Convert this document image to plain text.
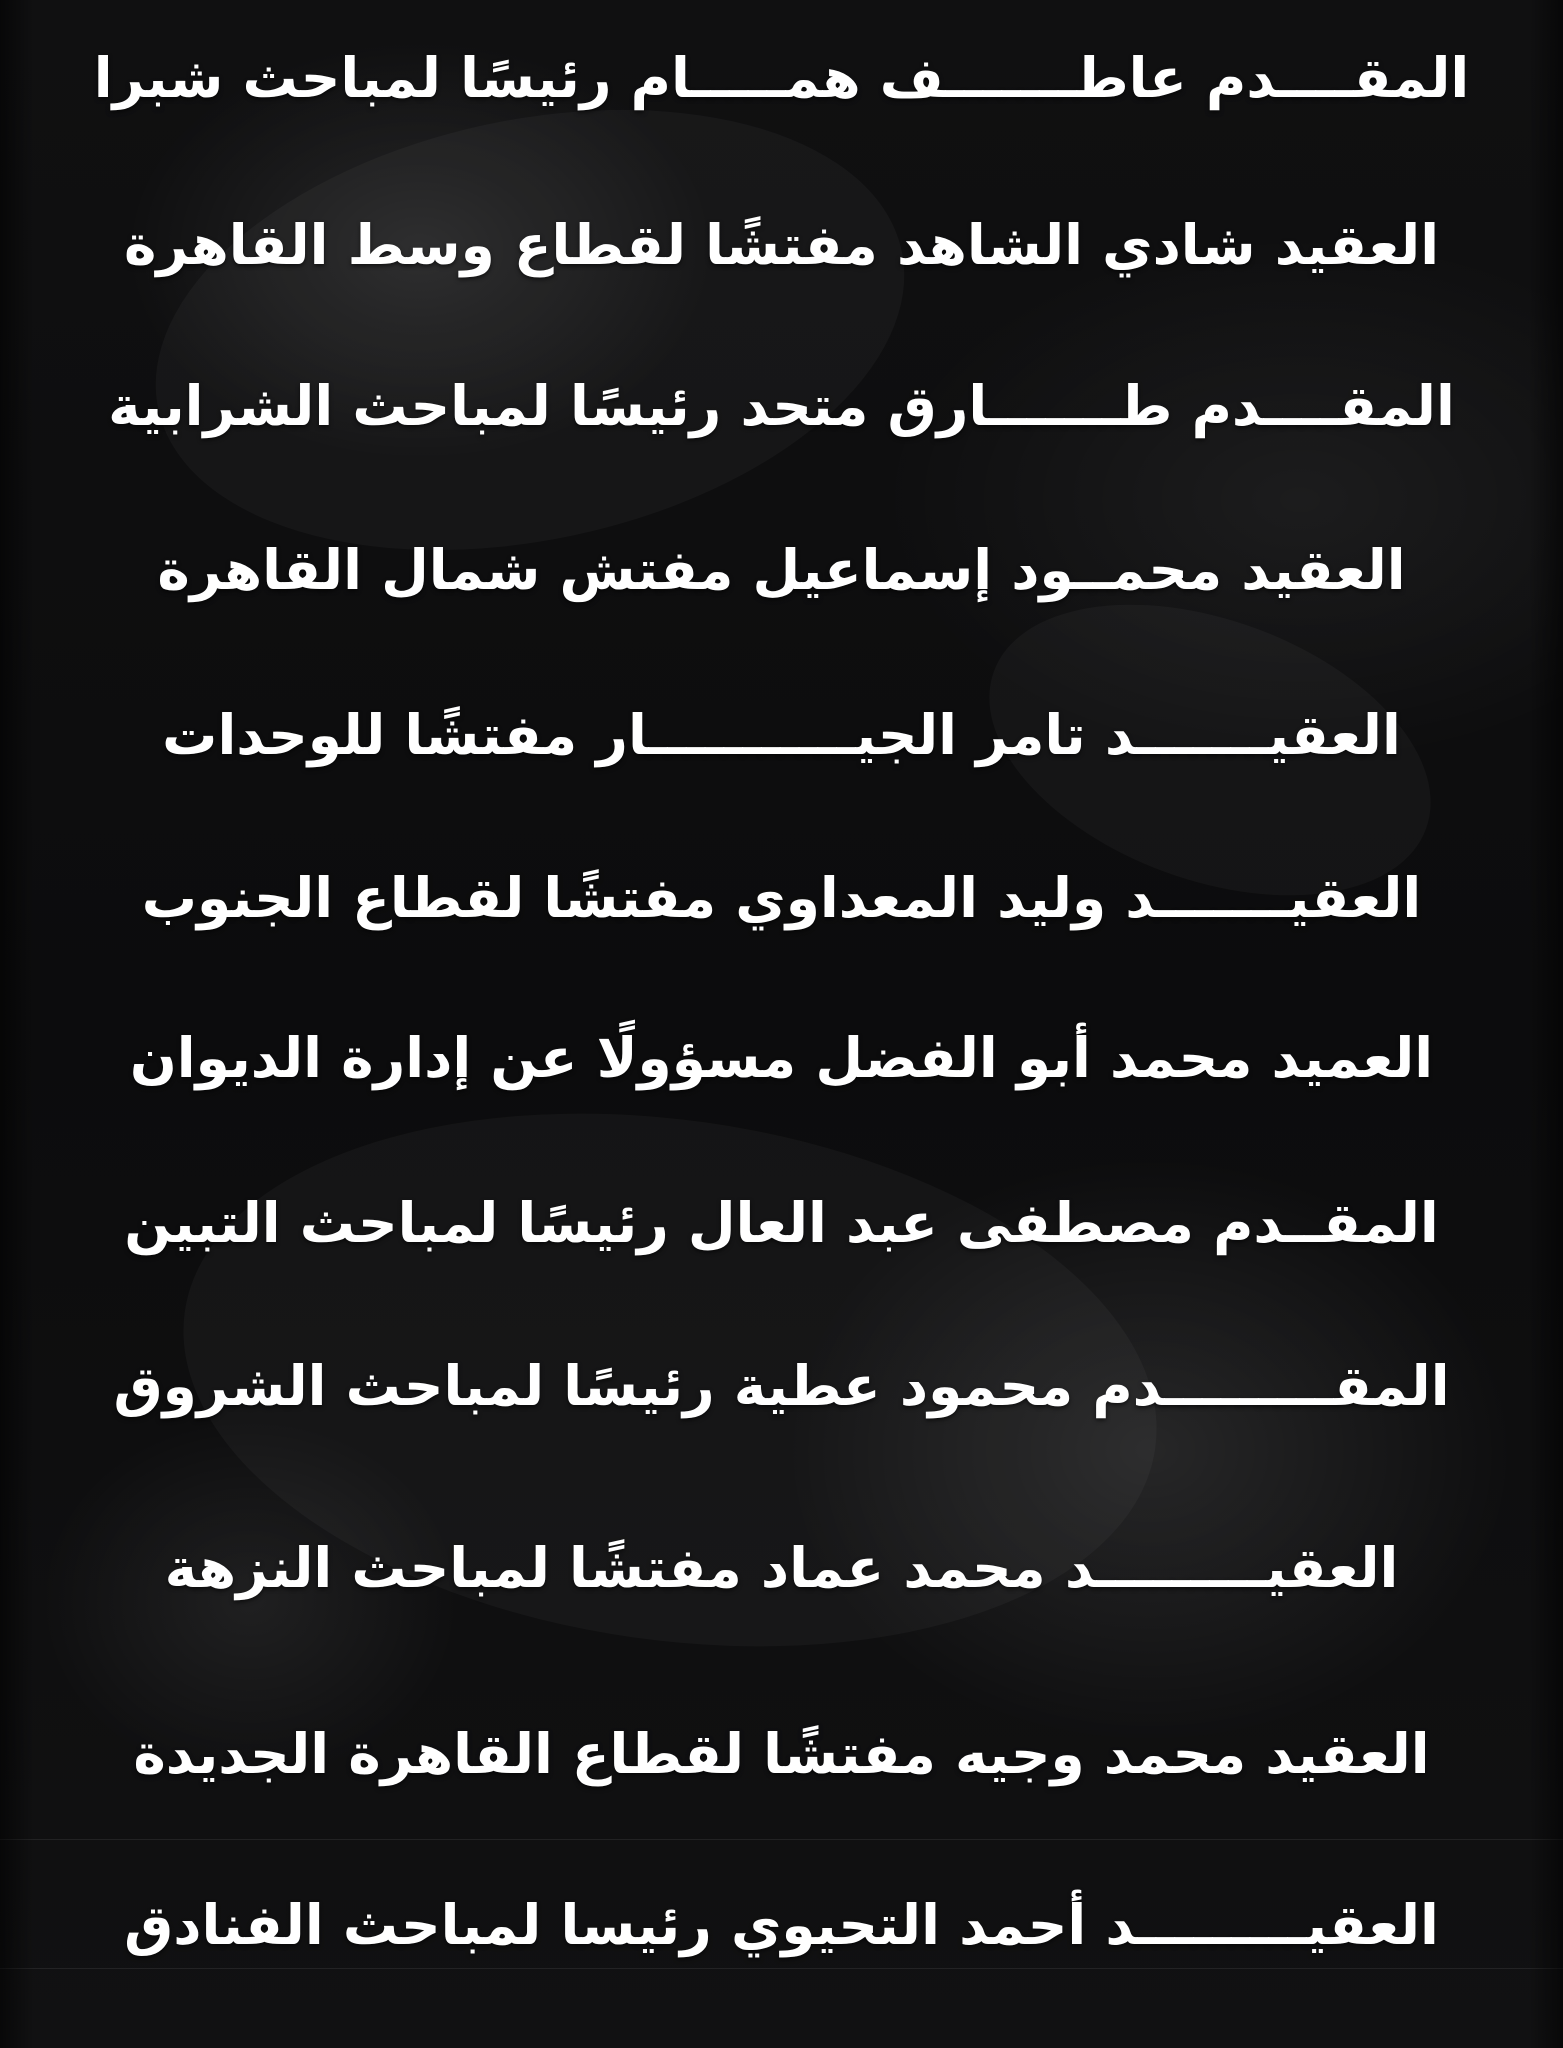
المقــــدم عاطـــــــف همـــــام رئيسًا لمباحث شبرا
العقيد شادي الشاهد مفتشًا لقطاع وسط القاهرة
المقــــدم طـــــــارق متحد رئيسًا لمباحث الشرابية
العقيد محمــود إسماعيل مفتش شمال القاهرة
العقيـــــــد تامر الجيـــــــــــار مفتشًا للوحدات
العقيـــــــد وليد المعداوي مفتشًا لقطاع الجنوب
العميد محمد أبو الفضل مسؤولًا عن إدارة الديوان
المقــدم مصطفى عبد العال رئيسًا لمباحث التبين
المقـــــــــدم محمود عطية رئيسًا لمباحث الشروق
العقيـــــــــد محمد عماد مفتشًا لمباحث النزهة
العقيد محمد وجيه مفتشًا لقطاع القاهرة الجديدة
العقيـــــــــد أحمد التحيوي رئيسا لمباحث الفنادق
